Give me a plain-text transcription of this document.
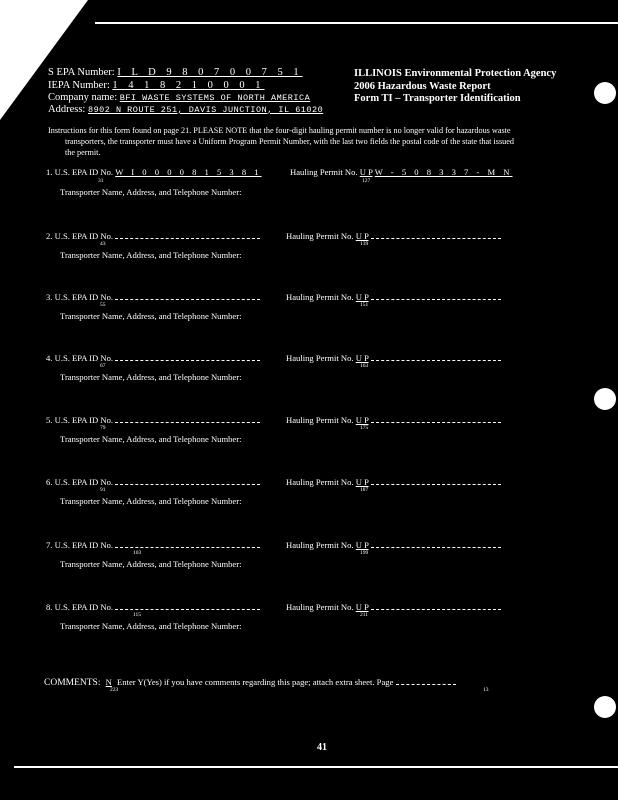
S EPA Number: I L D 9 8 0 7 0 0 7 5 1
IEPA Number: 1 4 1 8 2 1 0 0 0 1
Company name: BFI WASTE SYSTEMS OF NORTH AMERICA
Address: 8902 N ROUTE 251, DAVIS JUNCTION, IL 61020
ILLINOIS Environmental Protection Agency
2006 Hazardous Waste Report
Form TI – Transporter Identification
Instructions for this form found on page 21. PLEASE NOTE that the four-digit hauling permit number is no longer valid for hazardous waste
transporters, the transporter must have a Uniform Program Permit Number, with the last two fields the postal code of the state that issued
the permit.
1. U.S. EPA ID No. W I 0 0 0 0 8 1 5 3 8 1
31
Hauling Permit No. U P W - 5 0 8 3 3 7 - M N
127
Transporter Name, Address, and Telephone Number:
2. U.S. EPA ID No.
43
Hauling Permit No. U P
139
Transporter Name, Address, and Telephone Number:
3. U.S. EPA ID No.
55
Hauling Permit No. U P
151
Transporter Name, Address, and Telephone Number:
4. U.S. EPA ID No.
67
Hauling Permit No. U P
163
Transporter Name, Address, and Telephone Number:
5. U.S. EPA ID No.
79
Hauling Permit No. U P
175
Transporter Name, Address, and Telephone Number:
6. U.S. EPA ID No.
91
Hauling Permit No. U P
187
Transporter Name, Address, and Telephone Number:
7. U.S. EPA ID No.
103
Hauling Permit No. U P
199
Transporter Name, Address, and Telephone Number:
8. U.S. EPA ID No.
115
Hauling Permit No. U P
211
Transporter Name, Address, and Telephone Number:
COMMENTS: N Enter Y(Yes) if you have comments regarding this page; attach extra sheet. Page
223	13
41
